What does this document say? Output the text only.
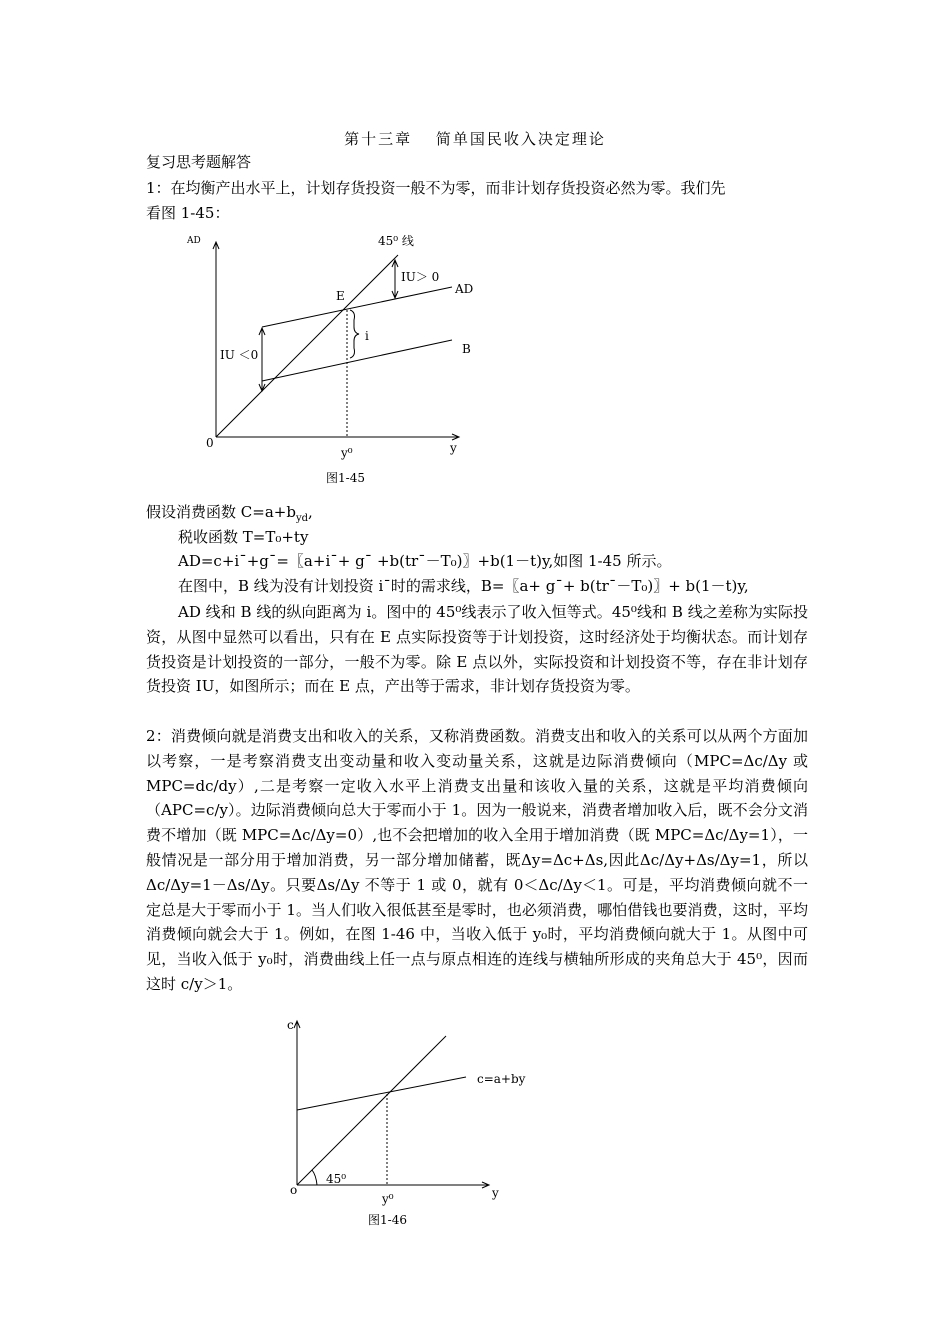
第十三章　 简单国民收入决定理论
复习思考题解答
1：在均衡产出水平上，计划存货投资一般不为零，而非计划存货投资必然为零。我们先
看图 1-45：
AD
y
0
45⁰ 线
IU＞ 0
AD
E
i
IU ＜0	B
y⁰
图1-45
假设消费函数 $C=a+b_{yd}$,
税收函数 T=T₀+ty
AD=c+i¯+g¯=〖a+i¯+ g¯ +b(tr¯－T₀)〗+b(1－t)y,如图 1-45 所示。
在图中，B 线为没有计划投资 i¯时的需求线，B=〖a+ g¯+ b(tr¯－T₀)〗+ b(1－t)y,
AD 线和 B 线的纵向距离为 i。图中的 45⁰线表示了收入恒等式。45⁰线和 B 线之差称为实际投资，从图中显然可以看出，只有在 E 点实际投资等于计划投资，这时经济处于均衡状态。而计划存货投资是计划投资的一部分，一般不为零。除 E 点以外，实际投资和计划投资不等，存在非计划存货投资 IU，如图所示；而在 E 点，产出等于需求，非计划存货投资为零。
2：消费倾向就是消费支出和收入的关系，又称消费函数。消费支出和收入的关系可以从两个方面加以考察，一是考察消费支出变动量和收入变动量关系，这就是边际消费倾向（MPC=Δc/Δy 或 MPC=dc/dy）,二是考察一定收入水平上消费支出量和该收入量的关系，这就是平均消费倾向（APC=c/y）。边际消费倾向总大于零而小于 1。因为一般说来，消费者增加收入后，既不会分文消费不增加（既 MPC=Δc/Δy=0）,也不会把增加的收入全用于增加消费（既 MPC=Δc/Δy=1），一般情况是一部分用于增加消费，另一部分增加储蓄，既Δy=Δc+Δs,因此Δc/Δy+Δs/Δy=1，所以Δc/Δy=1－Δs/Δy。只要Δs/Δy 不等于 1 或 0，就有 0＜Δc/Δy＜1。可是，平均消费倾向就不一定总是大于零而小于 1。当人们收入很低甚至是零时，也必须消费，哪怕借钱也要消费，这时，平均消费倾向就会大于 1。例如，在图 1-46 中，当收入低于 y₀时，平均消费倾向就大于 1。从图中可见，当收入低于 y₀时，消费曲线上任一点与原点相连的连线与横轴所形成的夹角总大于 45⁰，因而这时 c/y＞1。
c
y
o
c=a+by
45⁰
y⁰
图1-46
